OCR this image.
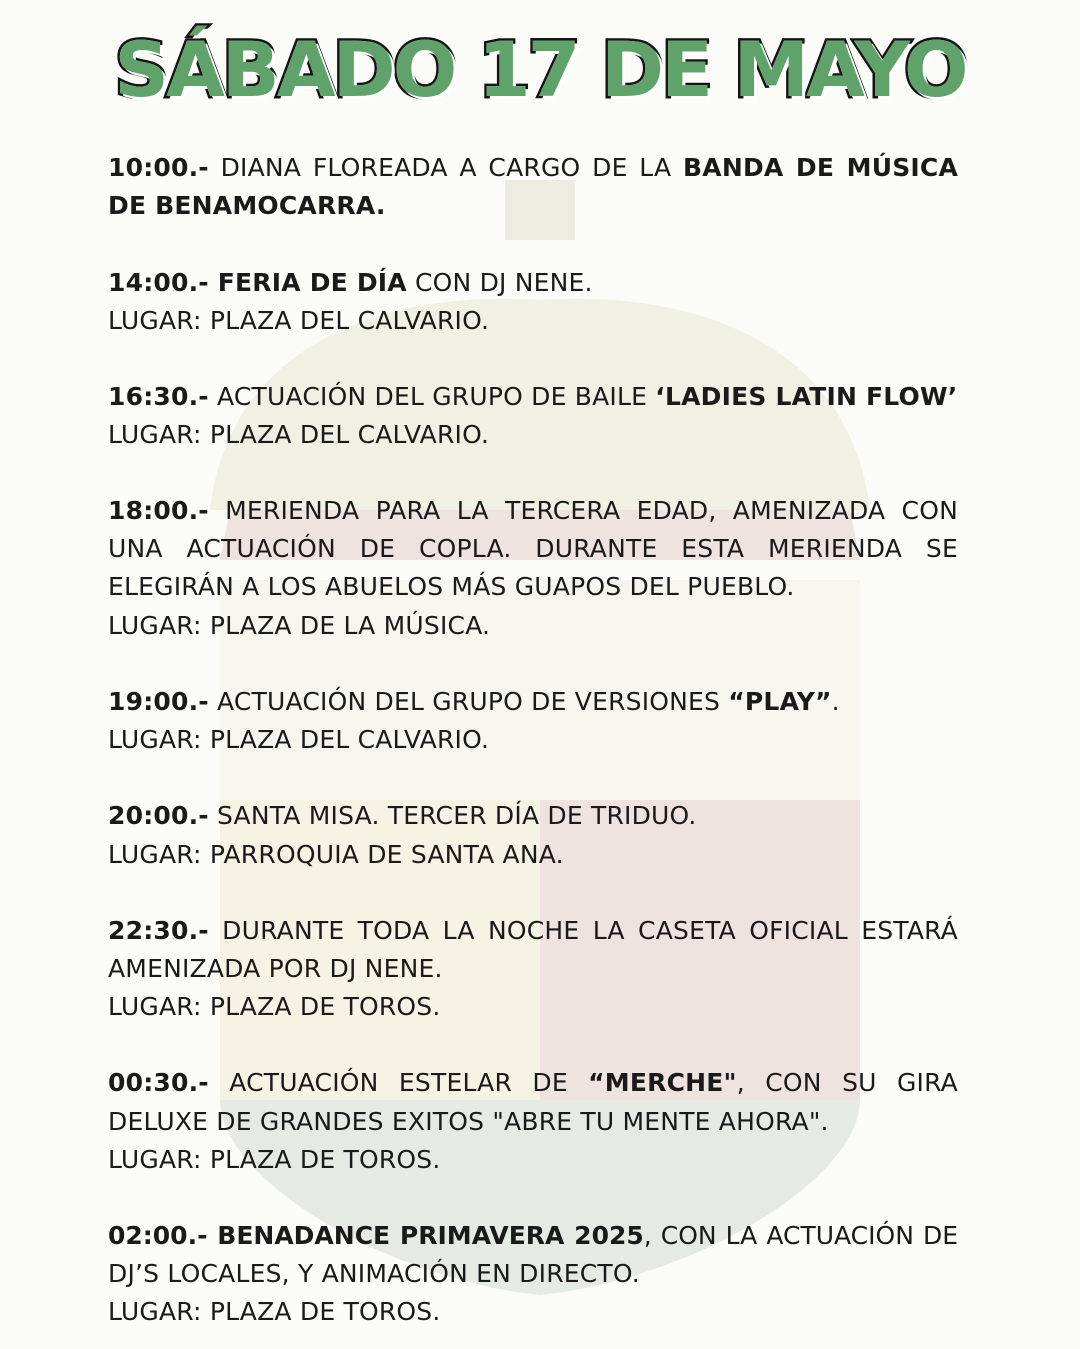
SÁBADO 17 DE MAYO
10:00.- DIANA FLOREADA A CARGO DE LA BANDA DE MÚSICA
DE BENAMOCARRA.
14:00.- FERIA DE DÍA CON DJ NENE.
LUGAR: PLAZA DEL CALVARIO.
16:30.- ACTUACIÓN DEL GRUPO DE BAILE ‘LADIES LATIN FLOW’
LUGAR: PLAZA DEL CALVARIO.
18:00.- MERIENDA PARA LA TERCERA EDAD, AMENIZADA CON
UNA ACTUACIÓN DE COPLA. DURANTE ESTA MERIENDA SE
ELEGIRÁN A LOS ABUELOS MÁS GUAPOS DEL PUEBLO.
LUGAR: PLAZA DE LA MÚSICA.
19:00.- ACTUACIÓN DEL GRUPO DE VERSIONES “PLAY”.
LUGAR: PLAZA DEL CALVARIO.
20:00.- SANTA MISA. TERCER DÍA DE TRIDUO.
LUGAR: PARROQUIA DE SANTA ANA.
22:30.- DURANTE TODA LA NOCHE LA CASETA OFICIAL ESTARÁ
AMENIZADA POR DJ NENE.
LUGAR: PLAZA DE TOROS.
00:30.- ACTUACIÓN ESTELAR DE “MERCHE", CON SU GIRA
DELUXE DE GRANDES EXITOS "ABRE TU MENTE AHORA".
LUGAR: PLAZA DE TOROS.
02:00.- BENADANCE PRIMAVERA 2025, CON LA ACTUACIÓN DE
DJ’S LOCALES, Y ANIMACIÓN EN DIRECTO.
LUGAR: PLAZA DE TOROS.
